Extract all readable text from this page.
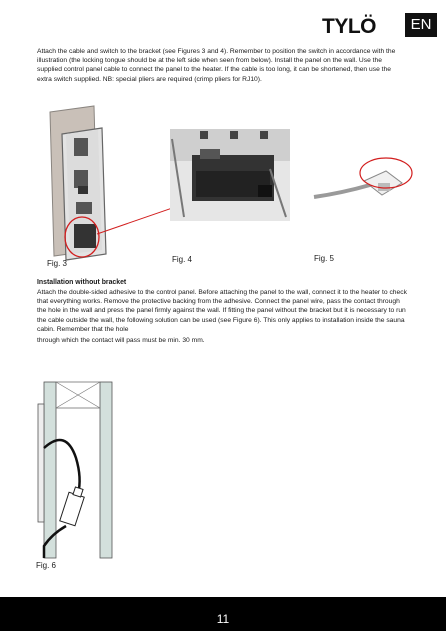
TYLÖ	EN

Attach the cable and switch to the bracket (see Figures 3 and 4). Remember to position the switch in accordance with the illustration (the locking tongue should be at the left side when seen from below). Install the panel on the wall. Use the supplied control panel cable to connect the panel to the heater. If the cable is too long, it can be shortened, then use the extra switch supplied. NB: special pliers are required (crimp pliers for RJ10).

Fig. 3	Fig. 4	Fig. 5

Installation without bracket

Attach the double-sided adhesive to the control panel. Before attaching the panel to the wall, connect it to the heater to check that everything works. Remove the protective backing from the adhesive. Connect the panel wire, pass the contact through the hole in the wall and press the panel firmly against the wall. If fitting the panel without the bracket but it is necessary to run the cable outside the wall, the following solution can be used (see Figure 6). This only applies to installation inside the sauna cabin. Remember that the hole

through which the contact will pass must be min. 30 mm.

Fig. 6
11
